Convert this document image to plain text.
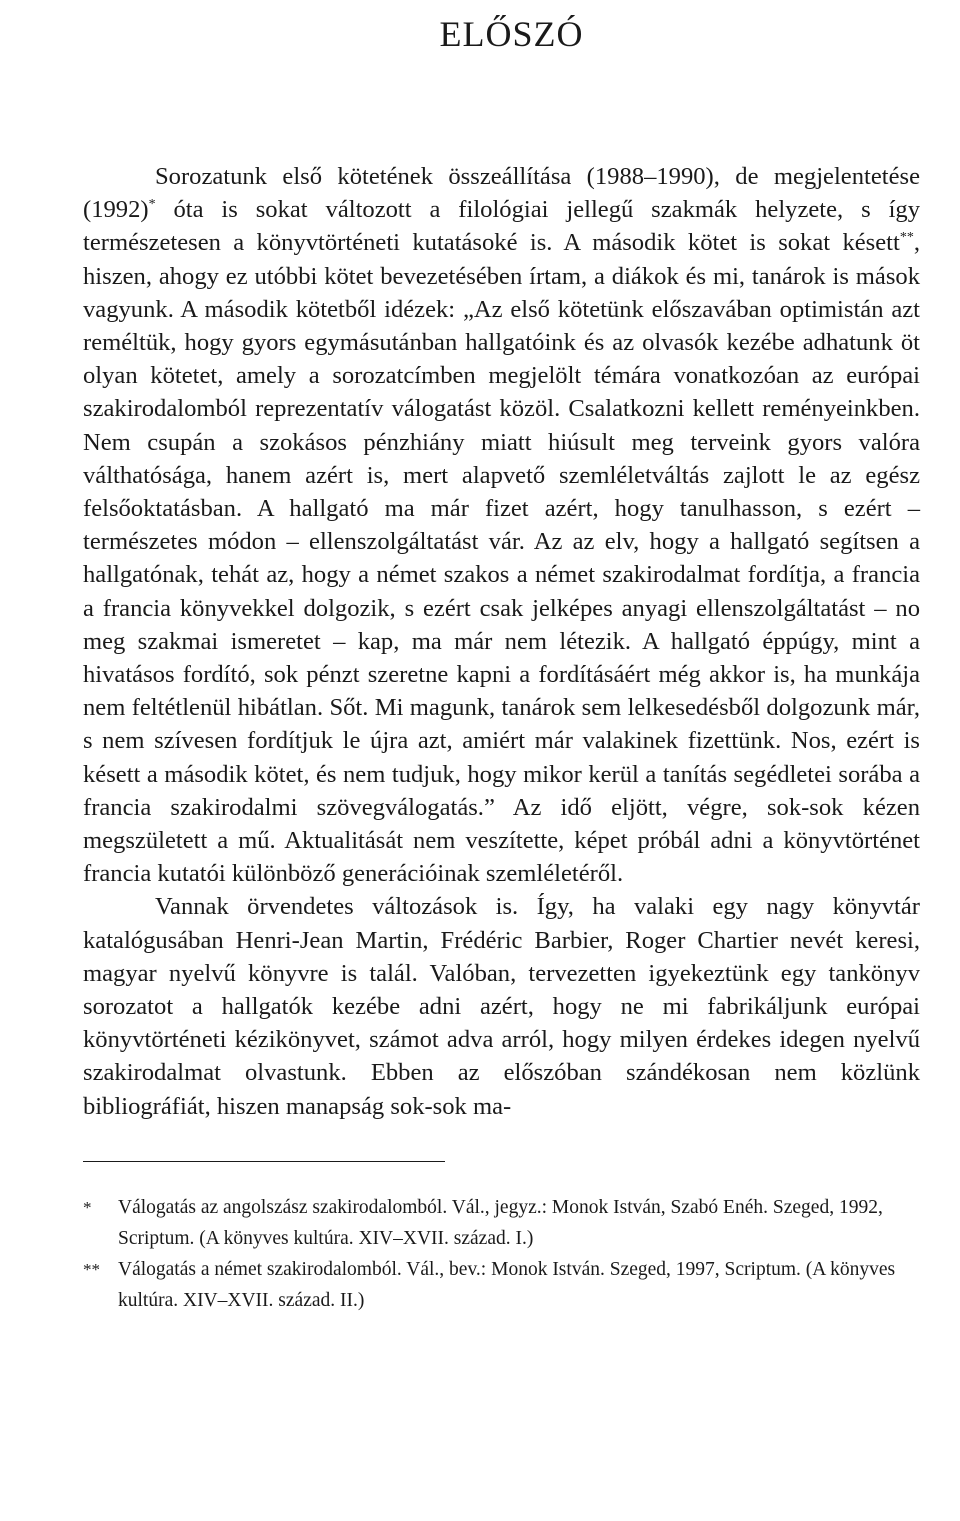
ELŐSZÓ

Sorozatunk első kötetének összeállítása (1988–1990), de megjelentetése (1992)* óta is sokat változott a filológiai jellegű szakmák helyzete, s így természetesen a könyvtörténeti kutatásoké is. A második kötet is sokat késett**, hiszen, ahogy ez utóbbi kötet bevezetésében írtam, a diákok és mi, tanárok is mások vagyunk. A második kötetből idézek: „Az első kötetünk előszavában optimistán azt reméltük, hogy gyors egymásutánban hallgatóink és az olvasók kezébe adhatunk öt olyan kötetet, amely a sorozatcímben megjelölt témára vonatkozóan az európai szakirodalomból reprezentatív válogatást közöl. Csalatkozni kellett reményeinkben. Nem csupán a szokásos pénzhiány miatt hiúsult meg terveink gyors valóra válthatósága, hanem azért is, mert alapvető szemléletváltás zajlott le az egész felsőoktatásban. A hallgató ma már fizet azért, hogy tanulhasson, s ezért – természetes módon – ellenszolgáltatást vár. Az az elv, hogy a hallgató segítsen a hallgatónak, tehát az, hogy a német szakos a német szakirodalmat fordítja, a francia a francia könyvekkel dolgozik, s ezért csak jelképes anyagi ellenszolgáltatást – no meg szakmai ismeretet – kap, ma már nem létezik. A hallgató éppúgy, mint a hivatásos fordító, sok pénzt szeretne kapni a fordításáért még akkor is, ha munkája nem feltétlenül hibátlan. Sőt. Mi magunk, tanárok sem lelkesedésből dolgozunk már, s nem szívesen fordítjuk le újra azt, amiért már valakinek fizettünk. Nos, ezért is késett a második kötet, és nem tudjuk, hogy mikor kerül a tanítás segédletei sorába a francia szakirodalmi szövegválogatás.” Az idő eljött, végre, sok-sok kézen megszületett a mű. Aktualitását nem veszítette, képet próbál adni a könyvtörténet francia kutatói különböző generációinak szemléletéről.

Vannak örvendetes változások is. Így, ha valaki egy nagy könyvtár katalógusában Henri-Jean Martin, Frédéric Barbier, Roger Chartier nevét keresi, magyar nyelvű könyvre is talál. Valóban, tervezetten igyekeztünk egy tankönyv sorozatot a hallgatók kezébe adni azért, hogy ne mi fabrikáljunk európai könyvtörténeti kézikönyvet, számot adva arról, hogy milyen érdekes idegen nyelvű szakirodalmat olvastunk. Ebben az előszóban szándékosan nem közlünk bibliográfiát, hiszen manapság sok-sok ma-

* Válogatás az angolszász szakirodalomból. Vál., jegyz.: Monok István, Szabó Enéh. Szeged, 1992, Scriptum. (A könyves kultúra. XIV–XVII. század. I.)
** Válogatás a német szakirodalomból. Vál., bev.: Monok István. Szeged, 1997, Scriptum. (A könyves kultúra. XIV–XVII. század. II.)
